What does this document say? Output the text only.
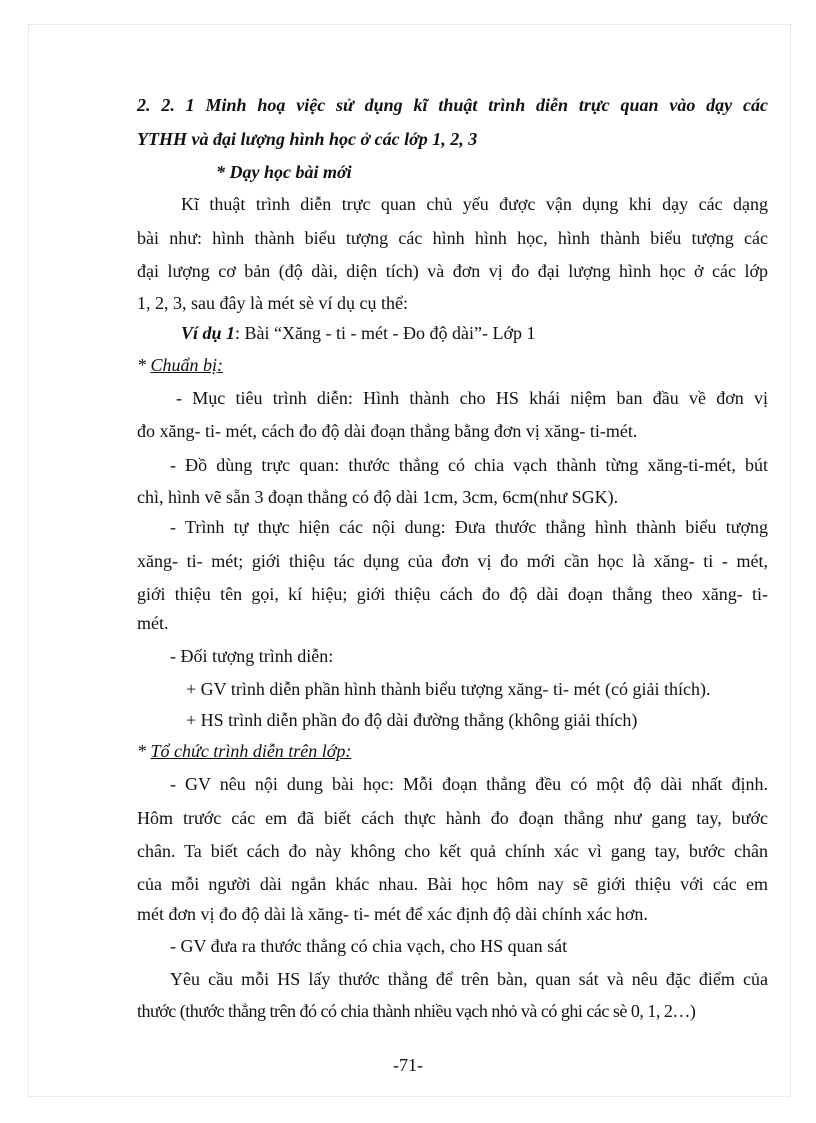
2. 2. 1 Minh hoạ việc sử dụng kĩ thuật trình diễn trực quan vào dạy các
YTHH và đại lượng hình học ở các lớp 1, 2, 3
* Dạy học bài mới
Kĩ thuật trình diễn trực quan chủ yếu được vận dụng khi dạy các dạng
bài như: hình thành biểu tượng các hình hình học, hình thành biểu tượng các
đại lượng cơ bản (độ dài, diện tích) và đơn vị đo đại lượng hình học ở các lớp
1, 2, 3, sau đây là mét sè ví dụ cụ thể:
Ví dụ 1: Bài “Xăng - ti - mét - Đo độ dài”- Lớp 1
* Chuẩn bị:
- Mục tiêu trình diễn: Hình thành cho HS khái niệm ban đầu về đơn vị
đo xăng- ti- mét, cách đo độ dài đoạn thẳng bằng đơn vị xăng- ti-mét.
- Đồ dùng trực quan: thước thẳng có chia vạch thành từng xăng-ti-mét, bút
chì, hình vẽ sẵn 3 đoạn thẳng có độ dài 1cm, 3cm, 6cm(như SGK).
- Trình tự thực hiện các nội dung: Đưa thước thẳng hình thành biểu tượng
xăng- ti- mét; giới thiệu tác dụng của đơn vị đo mới cần học là xăng- ti - mét,
giới thiệu tên gọi, kí hiệu; giới thiệu cách đo độ dài đoạn thẳng theo xăng- ti-
mét.
- Đối tượng trình diễn:
+ GV trình diễn phần hình thành biểu tượng xăng- ti- mét (có giải thích).
+ HS trình diễn phần đo độ dài đường thẳng (không giải thích)
* Tổ chức trình diễn trên lớp:
- GV nêu nội dung bài học: Mỗi đoạn thẳng đều có một độ dài nhất định.
Hôm trước các em đã biết cách thực hành đo đoạn thẳng như gang tay, bước
chân. Ta biết cách đo này không cho kết quả chính xác vì gang tay, bước chân
của mỗi người dài ngắn khác nhau. Bài học hôm nay sẽ giới thiệu với các em
mét đơn vị đo độ dài là xăng- ti- mét để xác định độ dài chính xác hơn.
- GV đưa ra thước thẳng có chia vạch, cho HS quan sát
Yêu cầu mỗi HS lấy thước thẳng để trên bàn, quan sát và nêu đặc điểm của
thước (thước thẳng trên đó có chia thành nhiều vạch nhỏ và có ghi các sè 0, 1, 2…)
-71-
